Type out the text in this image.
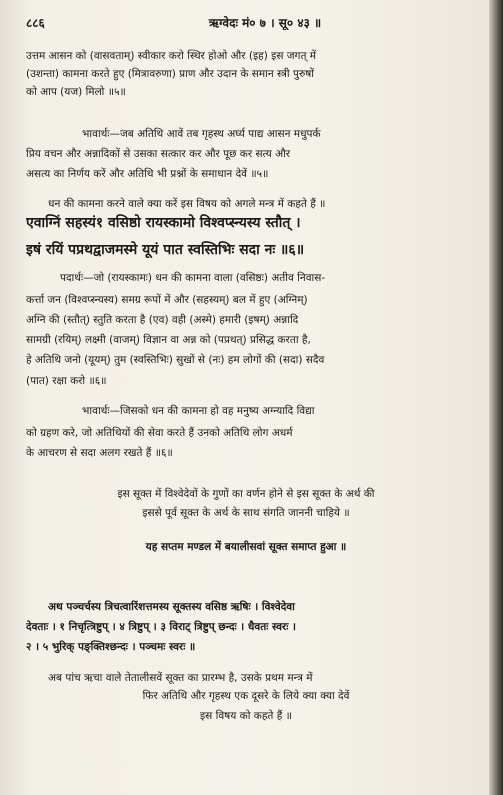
८८६	ऋग्वेदः मं० ७ । सू० ४३ ॥
उत्तम आसन को (वासवताम्) स्वीकार करो स्थिर होओ और (इह) इस जगत् में
(उशन्ता) कामना करते हुए (मित्रावरुणा) प्राण और उदान के समान स्त्री पुरुषों
को आप (यज) मिलो ॥५॥
भावार्थः—जब अतिथि आवें तब गृहस्थ अर्घ्य पाद्य आसन मधुपर्क
प्रिय वचन और अन्नादिकों से उसका सत्कार कर और पूछ कर सत्य और
असत्य का निर्णय करें और अतिथि भी प्रश्नों के समाधान देवें ॥५॥
धन की कामना करने वाले क्या करें इस विषय को अगले मन्त्र में कहते हैं ॥
एवाग्निं सहस्यं१ वसिष्ठो रायस्कामो विश्वप्स्न्यस्य स्तौत् ।
इषं रयिं पप्रथद्वाजमस्मे यूयं पात स्वस्तिभिः सदा नः ॥६॥
पदार्थः—जो (रायस्कामः) धन की कामना वाला (वसिष्ठः) अतीव निवास-
कर्त्ता जन (विश्वप्स्न्यस्य) समग्र रूपों में और (सहस्यम्) बल में हुए (अग्निम्)
अग्नि की (स्तौत्) स्तुति करता है (एव) वही (अस्मे) हमारी (इषम्) अन्नादि
सामग्री (रयिम्) लक्ष्मी (वाजम्) विज्ञान वा अन्न को (पप्रथत्) प्रसिद्ध करता है,
हे अतिथि जनो (यूयम्) तुम (स्वस्तिभिः) सुखों से (नः) हम लोगों की (सदा) सदैव
(पात) रक्षा करो ॥६॥
भावार्थः—जिसको धन की कामना हो वह मनुष्य अग्न्यादि विद्या
को ग्रहण करे, जो अतिथियों की सेवा करते हैं उनको अतिथि लोग अधर्म
के आचरण से सदा अलग रखते हैं ॥६॥
इस सूक्त में विश्वेदेवों के गुणों का वर्णन होने से इस सूक्त के अर्थ की
इससे पूर्व सूक्त के अर्थ के साथ संगति जाननी चाहिये ॥
यह सप्तम मण्डल में बयालीसवां सूक्त समाप्त हुआ ॥
अथ पञ्चर्चस्य त्रिचत्वारिंशत्तमस्य सूक्तस्य वसिष्ठ ऋषिः । विश्वेदेवा
देवताः । १ निचृत्त्रिष्टुप् । ४ त्रिष्टुप् । ३ विराट् त्रिष्टुप् छन्दः । धैवतः स्वरः ।
२ । ५ भुरिक् पङ्क्तिश्छन्दः । पञ्चमः स्वरः ॥
अब पांच ऋचा वाले तेतालीसवें सूक्त का प्रारम्भ है, उसके प्रथम मन्त्र में
फिर अतिथि और गृहस्थ एक दूसरे के लिये क्या क्या देवें
इस विषय को कहते हैं ॥
